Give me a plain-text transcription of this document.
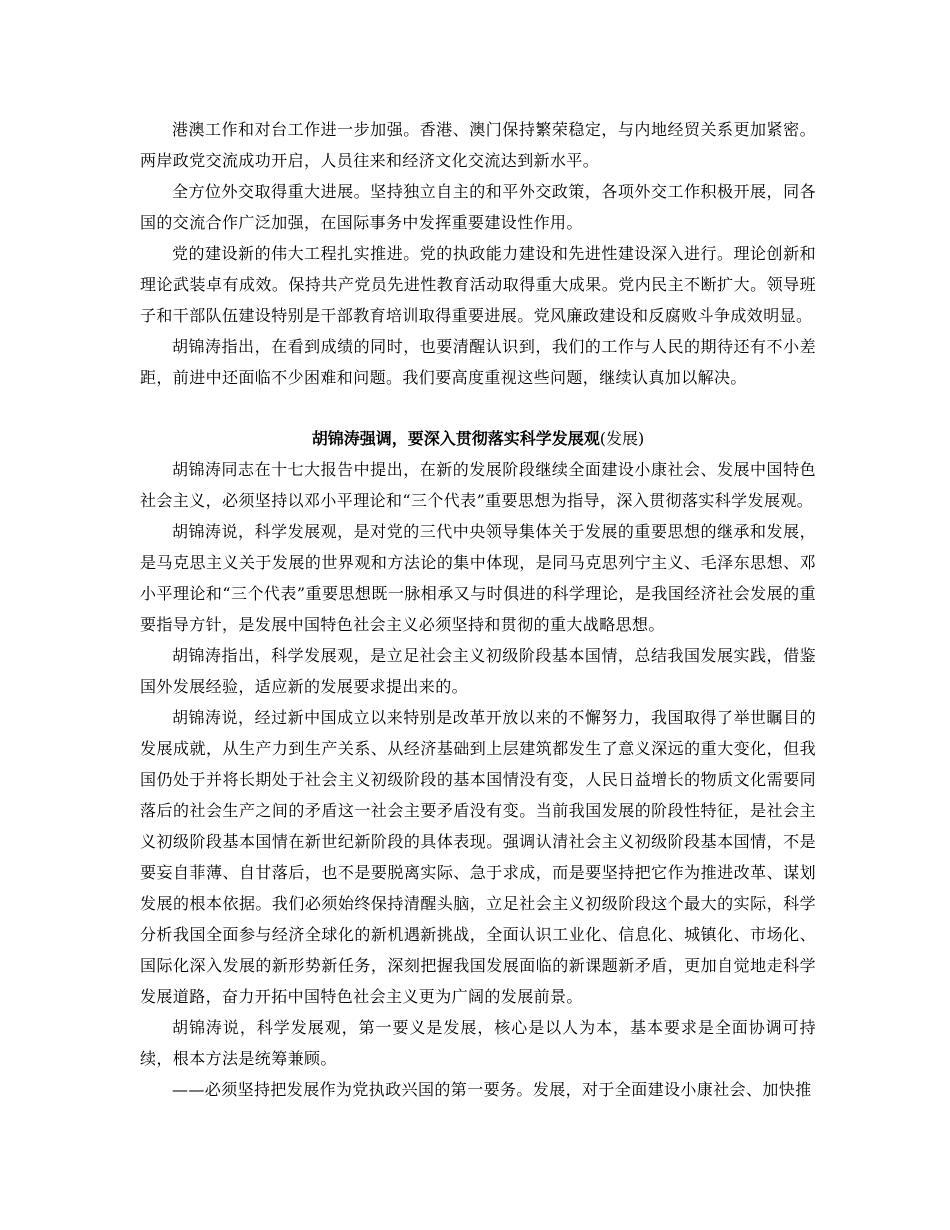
港澳工作和对台工作进一步加强。香港、澳门保持繁荣稳定，与内地经贸关系更加紧密。两岸政党交流成功开启，人员往来和经济文化交流达到新水平。

全方位外交取得重大进展。坚持独立自主的和平外交政策，各项外交工作积极开展，同各国的交流合作广泛加强，在国际事务中发挥重要建设性作用。

党的建设新的伟大工程扎实推进。党的执政能力建设和先进性建设深入进行。理论创新和理论武装卓有成效。保持共产党员先进性教育活动取得重大成果。党内民主不断扩大。领导班子和干部队伍建设特别是干部教育培训取得重要进展。党风廉政建设和反腐败斗争成效明显。

胡锦涛指出，在看到成绩的同时，也要清醒认识到，我们的工作与人民的期待还有不小差距，前进中还面临不少困难和问题。我们要高度重视这些问题，继续认真加以解决。

胡锦涛强调，要深入贯彻落实科学发展观(发展)

胡锦涛同志在十七大报告中提出，在新的发展阶段继续全面建设小康社会、发展中国特色社会主义，必须坚持以邓小平理论和“三个代表”重要思想为指导，深入贯彻落实科学发展观。

胡锦涛说，科学发展观，是对党的三代中央领导集体关于发展的重要思想的继承和发展，是马克思主义关于发展的世界观和方法论的集中体现，是同马克思列宁主义、毛泽东思想、邓小平理论和“三个代表”重要思想既一脉相承又与时俱进的科学理论，是我国经济社会发展的重要指导方针，是发展中国特色社会主义必须坚持和贯彻的重大战略思想。

胡锦涛指出，科学发展观，是立足社会主义初级阶段基本国情，总结我国发展实践，借鉴国外发展经验，适应新的发展要求提出来的。

胡锦涛说，经过新中国成立以来特别是改革开放以来的不懈努力，我国取得了举世瞩目的发展成就，从生产力到生产关系、从经济基础到上层建筑都发生了意义深远的重大变化，但我国仍处于并将长期处于社会主义初级阶段的基本国情没有变，人民日益增长的物质文化需要同落后的社会生产之间的矛盾这一社会主要矛盾没有变。当前我国发展的阶段性特征，是社会主义初级阶段基本国情在新世纪新阶段的具体表现。强调认清社会主义初级阶段基本国情，不是要妄自菲薄、自甘落后，也不是要脱离实际、急于求成，而是要坚持把它作为推进改革、谋划发展的根本依据。我们必须始终保持清醒头脑，立足社会主义初级阶段这个最大的实际，科学分析我国全面参与经济全球化的新机遇新挑战，全面认识工业化、信息化、城镇化、市场化、国际化深入发展的新形势新任务，深刻把握我国发展面临的新课题新矛盾，更加自觉地走科学发展道路，奋力开拓中国特色社会主义更为广阔的发展前景。

胡锦涛说，科学发展观，第一要义是发展，核心是以人为本，基本要求是全面协调可持续，根本方法是统筹兼顾。

——必须坚持把发展作为党执政兴国的第一要务。发展，对于全面建设小康社会、加快推
